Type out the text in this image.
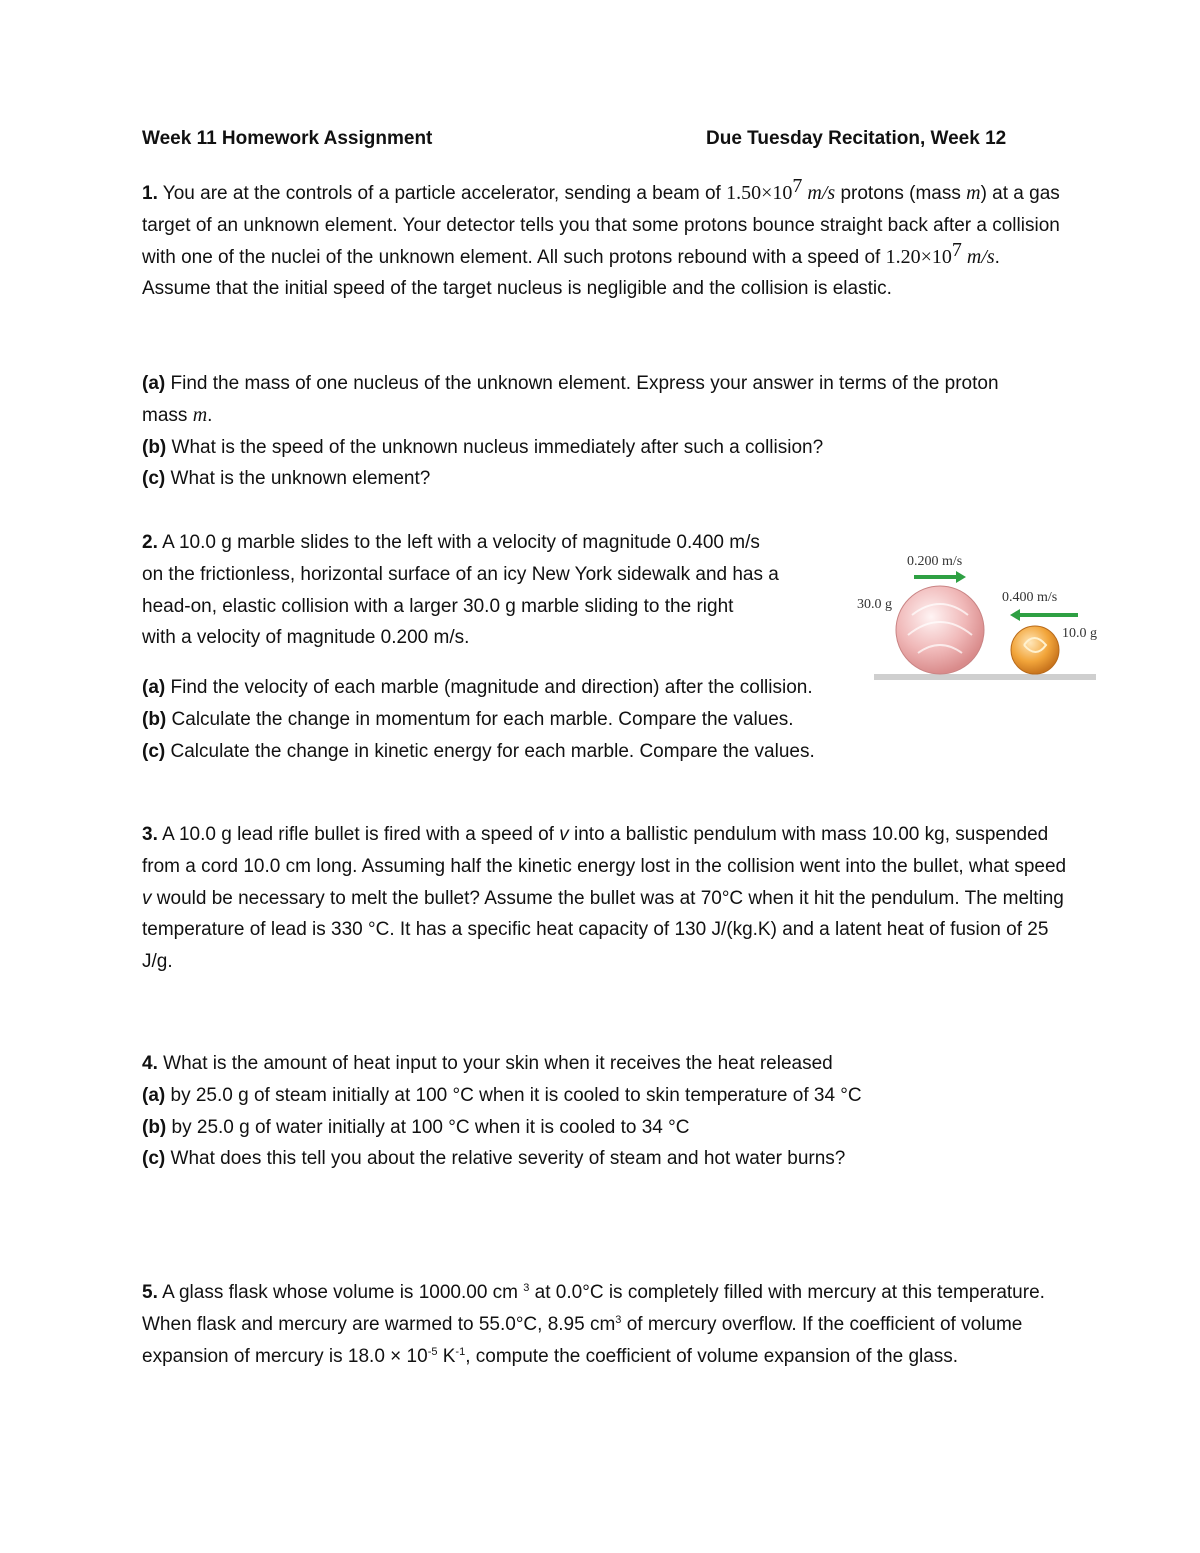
Week 11 Homework Assignment	Due Tuesday Recitation, Week 12

1. You are at the controls of a particle accelerator, sending a beam of $1.50\times 10^7$ m/s protons (mass m) at a gas target of an unknown element. Your detector tells you that some protons bounce straight back after a collision with one of the nuclei of the unknown element. All such protons rebound with a speed of $1.20\times 10^7$ m/s. Assume that the initial speed of the target nucleus is negligible and the collision is elastic.

(a) Find the mass of one nucleus of the unknown element. Express your answer in terms of the proton mass m.

(b) What is the speed of the unknown nucleus immediately after such a collision?

(c) What is the unknown element?

2. A 10.0 g marble slides to the left with a velocity of magnitude 0.400 m/s

on the frictionless, horizontal surface of an icy New York sidewalk and has a

head-on, elastic collision with a larger 30.0 g marble sliding to the right

with a velocity of magnitude 0.200 m/s.

0.200 m/s
0.400 m/s
30.0 g
10.0 g

(a) Find the velocity of each marble (magnitude and direction) after the collision.

(b) Calculate the change in momentum for each marble. Compare the values.

(c) Calculate the change in kinetic energy for each marble. Compare the values.

3. A 10.0 g lead rifle bullet is fired with a speed of v into a ballistic pendulum with mass 10.00 kg, suspended from a cord 10.0 cm long. Assuming half the kinetic energy lost in the collision went into the bullet, what speed v would be necessary to melt the bullet? Assume the bullet was at 70°C when it hit the pendulum. The melting temperature of lead is 330 °C. It has a specific heat capacity of 130 J/(kg.K) and a latent heat of fusion of 25 J/g.

4. What is the amount of heat input to your skin when it receives the heat released

(a) by 25.0 g of steam initially at 100 °C when it is cooled to skin temperature of 34 °C

(b) by 25.0 g of water initially at 100 °C when it is cooled to 34 °C

(c) What does this tell you about the relative severity of steam and hot water burns?

5. A glass flask whose volume is 1000.00 cm $^3$ at 0.0°C is completely filled with mercury at this temperature. When flask and mercury are warmed to 55.0°C, 8.95 $cm^3$ of mercury overflow. If the coefficient of volume expansion of mercury is $18.0 \times 10^{-5}$ $K^{-1}$, compute the coefficient of volume expansion of the glass.
